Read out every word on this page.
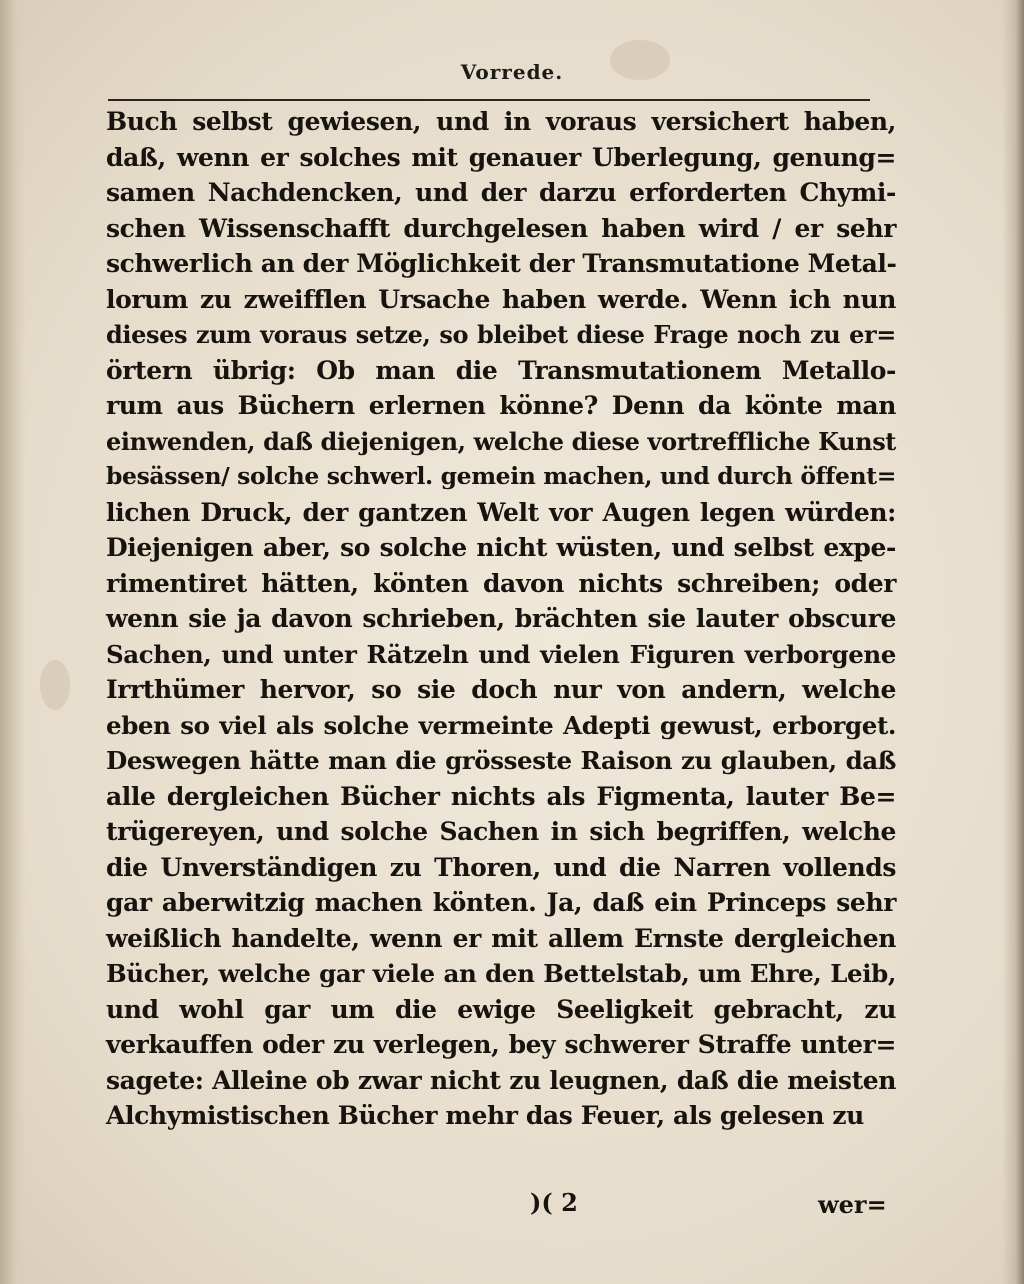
Vorrede.
Buch selbst gewiesen, und in voraus versichert haben,
daß, wenn er solches mit genauer Uberlegung, genung=
samen Nachdencken, und der darzu erforderten Chymi-
schen Wissenschafft durchgelesen haben wird / er sehr
schwerlich an der Möglichkeit der Transmutatione Metal-
lorum zu zweifflen Ursache haben werde. Wenn ich nun
dieses zum voraus setze, so bleibet diese Frage noch zu er=
örtern übrig: Ob man die Transmutationem Metallo-
rum aus Büchern erlernen könne? Denn da könte man
einwenden, daß diejenigen, welche diese vortreffliche Kunst
besässen/ solche schwerl. gemein machen, und durch öffent=
lichen Druck, der gantzen Welt vor Augen legen würden:
Diejenigen aber, so solche nicht wüsten, und selbst expe-
rimentiret hätten, könten davon nichts schreiben; oder
wenn sie ja davon schrieben, brächten sie lauter obscure
Sachen, und unter Rätzeln und vielen Figuren verborgene
Irrthümer hervor, so sie doch nur von andern, welche
eben so viel als solche vermeinte Adepti gewust, erborget.
Deswegen hätte man die grösseste Raison zu glauben, daß
alle dergleichen Bücher nichts als Figmenta, lauter Be=
trügereyen, und solche Sachen in sich begriffen, welche
die Unverständigen zu Thoren, und die Narren vollends
gar aberwitzig machen könten. Ja, daß ein Princeps sehr
weißlich handelte, wenn er mit allem Ernste dergleichen
Bücher, welche gar viele an den Bettelstab, um Ehre, Leib,
und wohl gar um die ewige Seeligkeit gebracht, zu
verkauffen oder zu verlegen, bey schwerer Straffe unter=
sagete: Alleine ob zwar nicht zu leugnen, daß die meisten
Alchymistischen Bücher mehr das Feuer, als gelesen zu
)( 2	wer=
